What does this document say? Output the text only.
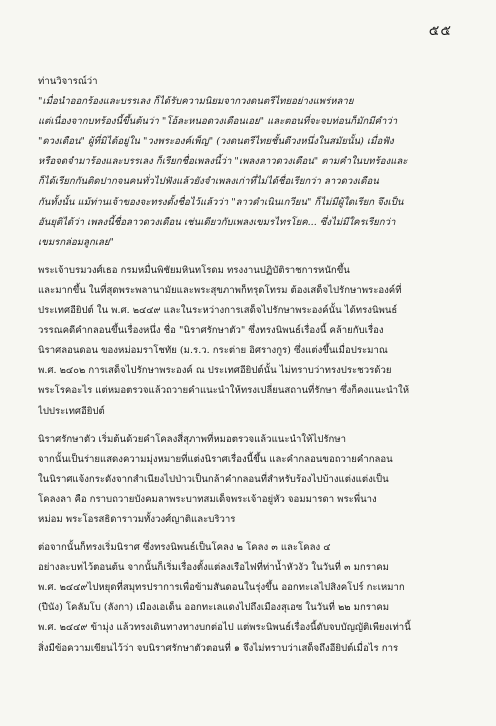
๕๕
ท่านวิจารณ์ว่า
"เมื่อนำออกร้องและบรรเลง ก็ได้รับความนิยมจากวงดนตรีไทยอย่างแพร่หลาย
แต่เนื่องจากบทร้องนี้ขึ้นต้นว่า "โอ้ละหนอดวงเดือนเอย" และตอนที่จะจบท่อนก็มักมีคำว่า
"ดวงเดือน" ผู้ที่มิได้อยู่ใน "วงพระองค์เพ็ญ" (วงดนตรีไทยชั้นดีวงหนึ่งในสมัยนั้น) เมื่อฟัง
หรือจดจำมาร้องและบรรเลง ก็เรียกชื่อเพลงนี้ว่า "เพลงลาวดวงเดือน" ตามคำในบทร้องและ
ก็ได้เรียกกันติดปากจนคนทั่วไปฟังแล้วยังจำเพลงเก่าที่ไม่ได้ชื่อเรียกว่า ลาวดวงเดือน
กันทั้งนั้น แม้ท่านเจ้าของจะทรงตั้งชื่อไว้แล้วว่า "ลาวดำเนินเกวียน" ก็ไม่มีผู้ใดเรียก จึงเป็น
อันยุติได้ว่า เพลงนี้ชื่อลาวดวงเดือน เช่นเดียวกับเพลงเขมรไทรโยค... ซึ่งไม่มีใครเรียกว่า
เขมรกล่อมลูกเลย"
พระเจ้าบรมวงศ์เธอ กรมหมื่นพิชัยมหินทโรดม ทรงงานปฏิบัติราชการหนักขึ้น
และมากขึ้น ในที่สุดพระพลานามัยและพระสุขภาพก็ทรุดโทรม ต้องเสด็จไปรักษาพระองค์ที่
ประเทศอียิปต์ ใน พ.ศ. ๒๔๔๙ และในระหว่างการเสด็จไปรักษาพระองค์นั้น ได้ทรงนิพนธ์
วรรณคดีคำกลอนขึ้นเรื่องหนึ่ง ชื่อ "นิราศรักษาตัว" ซึ่งทรงนิพนธ์เรื่องนี้ คล้ายกับเรื่อง
นิราศลอนดอน ของหม่อมราโชทัย (ม.ร.ว. กระต่าย อิศรางกูร) ซึ่งแต่งขึ้นเมื่อประมาณ
พ.ศ. ๒๔๐๒ การเสด็จไปรักษาพระองค์ ณ ประเทศอียิปต์นั้น ไม่ทราบว่าทรงประชวรด้วย
พระโรคอะไร แต่หมอตรวจแล้วถวายคำแนะนำให้ทรงเปลี่ยนสถานที่รักษา ซึ่งก็คงแนะนำให้
ไปประเทศอียิปต์
นิราศรักษาตัว เริ่มต้นด้วยคำโคลงสี่สุภาพที่หมอตรวจแล้วแนะนำให้ไปรักษา
จากนั้นเป็นร่ายแสดงความมุ่งหมายที่แต่งนิราศเรื่องนี้ขึ้น และคำกลอนขอถวายคำกลอน
ในนิราศแจ้งกระดังจากสำเนียงไปป่าวเป็นกล้าคำกลอนที่สำหรับร้องไปบ้างแต่งแต่งเป็น
โคลงลา คือ กราบถวายบังคมลาพระบาทสมเด็จพระเจ้าอยู่หัว จอมมารดา พระพี่นาง
หม่อม พระโอรสธิดาราวมทั้งวงศ์ญาติและบริวาร
ต่อจากนั้นก็ทรงเริ่มนิราศ ซึ่งทรงนิพนธ์เป็นโคลง ๒ โคลง ๓ และโคลง ๔
อย่างละบทไว้ตอนต้น จากนั้นก็เริ่มเรื่องตั้งแต่ลงเรือไฟที่ท่าน้ำหัวงัว ในวันที่ ๓ มกราคม
พ.ศ. ๒๔๔๙ไปหยุดที่สมุทรปราการเพื่อข้ามสันดอนในรุ่งขึ้น ออกทะเลไปสิงคโปร์ กะเหมาก
(ปีนัง) โคลัมโบ (ลังกา) เมืองเอเด็น ออกทะเลแดงไปถึงเมืองสุเอซ ในวันที่ ๒๒ มกราคม
พ.ศ. ๒๔๔๙ ข้ามุ่ง แล้วทรงเดินทางทางบกต่อไป แต่พระนิพนธ์เรื่องนี้ดับจบบัญญัติเพียงเท่านี้
สิ่งมีข้อความเขียนไว้ว่า จบนิราศรักษาตัวตอนที่ ๑ จึงไม่ทราบว่าเสด็จถึงอียิปต์เมื่อไร การ
